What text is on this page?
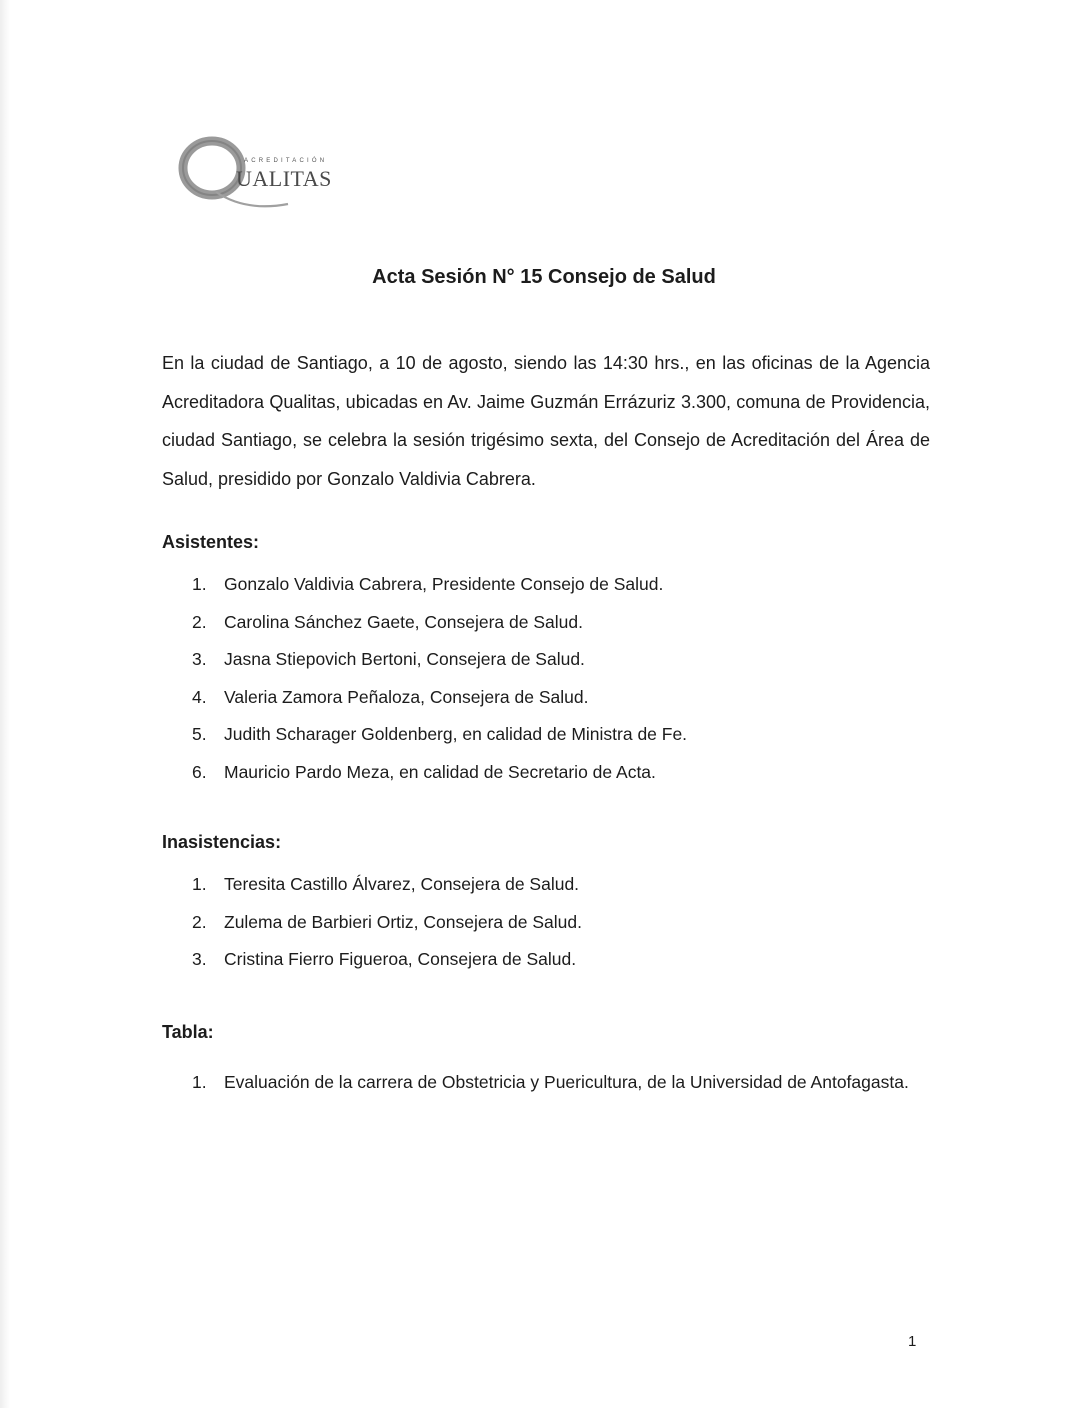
ACREDITACIÓN
UALITAS
Acta Sesión N° 15 Consejo de Salud
En la ciudad de Santiago, a 10 de agosto, siendo las 14:30 hrs., en las oficinas de la Agencia Acreditadora Qualitas, ubicadas en Av. Jaime Guzmán Errázuriz 3.300, comuna de Providencia, ciudad Santiago, se celebra la sesión trigésimo sexta, del Consejo de Acreditación del Área de Salud, presidido por Gonzalo Valdivia Cabrera.
Asistentes:
1. Gonzalo Valdivia Cabrera, Presidente Consejo de Salud.
2. Carolina Sánchez Gaete, Consejera de Salud.
3. Jasna Stiepovich Bertoni, Consejera de Salud.
4. Valeria Zamora Peñaloza, Consejera de Salud.
5. Judith Scharager Goldenberg, en calidad de Ministra de Fe.
6. Mauricio Pardo Meza, en calidad de Secretario de Acta.
Inasistencias:
1. Teresita Castillo Álvarez, Consejera de Salud.
2. Zulema de Barbieri Ortiz, Consejera de Salud.
3. Cristina Fierro Figueroa, Consejera de Salud.
Tabla:
1. Evaluación de la carrera de Obstetricia y Puericultura, de la Universidad de Antofagasta.
1
